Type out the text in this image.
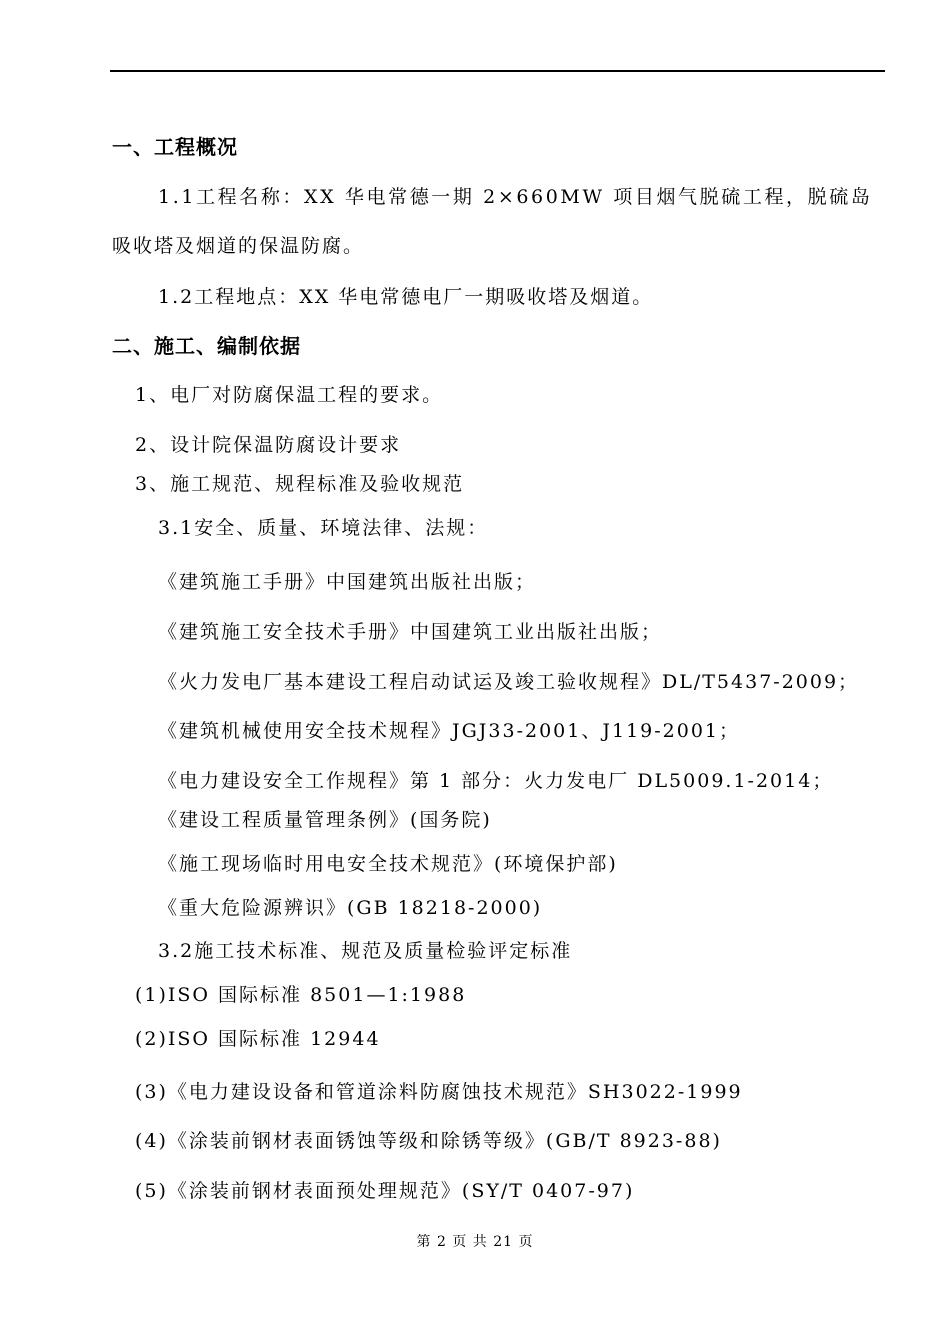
一、工程概况
1.1工程名称：XX 华电常德一期 2×660MW 项目烟气脱硫工程，脱硫岛
吸收塔及烟道的保温防腐。
1.2工程地点：XX 华电常德电厂一期吸收塔及烟道。
二、施工、编制依据
1、电厂对防腐保温工程的要求。
2、设计院保温防腐设计要求
3、施工规范、规程标准及验收规范
3.1安全、质量、环境法律、法规：
《建筑施工手册》中国建筑出版社出版；
《建筑施工安全技术手册》中国建筑工业出版社出版；
《火力发电厂基本建设工程启动试运及竣工验收规程》DL/T5437-2009；
《建筑机械使用安全技术规程》JGJ33-2001、J119-2001；
《电力建设安全工作规程》第 1 部分：火力发电厂 DL5009.1-2014；
《建设工程质量管理条例》(国务院)
《施工现场临时用电安全技术规范》(环境保护部)
《重大危险源辨识》(GB 18218-2000)
3.2施工技术标准、规范及质量检验评定标准
(1)ISO 国际标准 8501—1:1988
(2)ISO 国际标准 12944
(3)《电力建设设备和管道涂料防腐蚀技术规范》SH3022-1999
(4)《涂装前钢材表面锈蚀等级和除锈等级》(GB/T 8923-88)
(5)《涂装前钢材表面预处理规范》(SY/T 0407-97)
第 2 页 共 21 页
